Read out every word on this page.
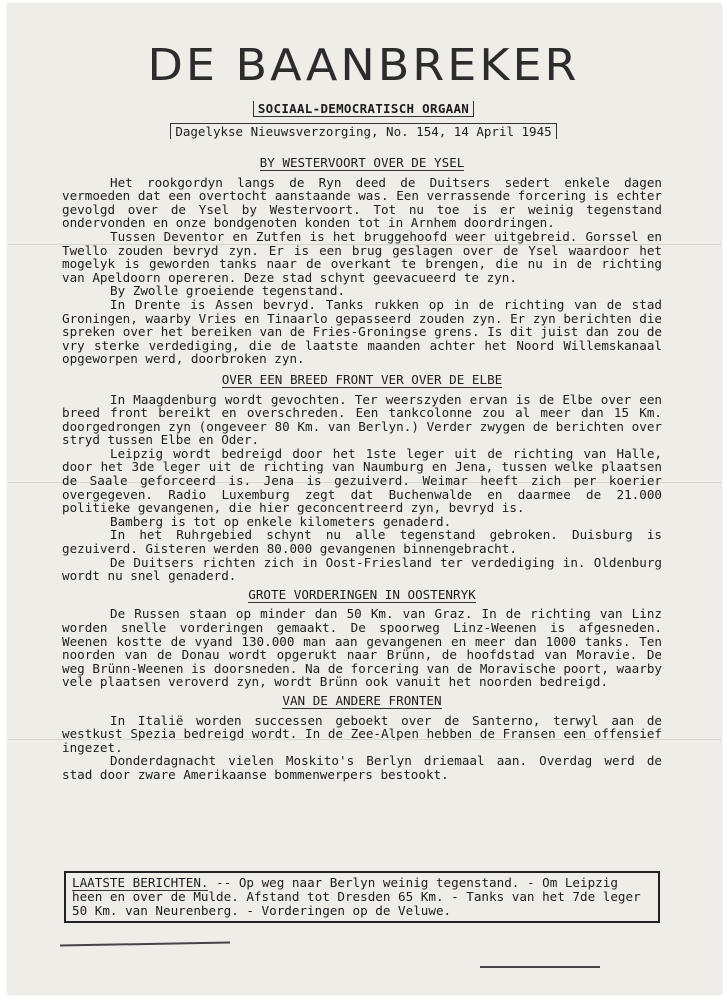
DE BAANBREKER
SOCIAAL-DEMOCRATISCH ORGAAN
Dagelykse Nieuwsverzorging, No. 154, 14 April 1945
BY WESTERVOORT OVER DE YSEL

Het rookgordyn langs de Ryn deed de Duitsers sedert enkele dagen vermoeden dat een overtocht aanstaande was. Een verrassende forcering is echter gevolgd over de Ysel by Westervoort. Tot nu toe is er weinig tegenstand ondervonden en onze bondgenoten konden tot in Arnhem doordringen.

Tussen Deventor en Zutfen is het bruggehoofd weer uitgebreid. Gorssel en Twello zouden bevryd zyn. Er is een brug geslagen over de Ysel waardoor het mogelyk is geworden tanks naar de overkant te brengen, die nu in de richting van Apeldoorn opereren. Deze stad schynt geevacueerd te zyn.

By Zwolle groeiende tegenstand.

In Drente is Assen bevryd. Tanks rukken op in de richting van de stad Groningen, waarby Vries en Tinaarlo gepasseerd zouden zyn. Er zyn berichten die spreken over het bereiken van de Fries-Groningse grens. Is dit juist dan zou de vry sterke verdediging, die de laatste maanden achter het Noord Willemskanaal opgeworpen werd, doorbroken zyn.

OVER EEN BREED FRONT VER OVER DE ELBE

In Maagdenburg wordt gevochten. Ter weerszyden ervan is de Elbe over een breed front bereikt en overschreden. Een tankcolonne zou al meer dan 15 Km. doorgedrongen zyn (ongeveer 80 Km. van Berlyn.) Verder zwygen de berichten over stryd tussen Elbe en Oder.

Leipzig wordt bedreigd door het 1ste leger uit de richting van Halle, door het 3de leger uit de richting van Naumburg en Jena, tussen welke plaatsen de Saale geforceerd is. Jena is gezuiverd. Weimar heeft zich per koerier overgegeven. Radio Luxemburg zegt dat Buchenwalde en daarmee de 21.000 politieke gevangenen, die hier geconcentreerd zyn, bevryd is.

Bamberg is tot op enkele kilometers genaderd.

In het Ruhrgebied schynt nu alle tegenstand gebroken. Duisburg is gezuiverd. Gisteren werden 80.000 gevangenen binnengebracht.

De Duitsers richten zich in Oost-Friesland ter verdediging in. Oldenburg wordt nu snel genaderd.

GROTE VORDERINGEN IN OOSTENRYK

De Russen staan op minder dan 50 Km. van Graz. In de richting van Linz worden snelle vorderingen gemaakt. De spoorweg Linz-Weenen is afgesneden. Weenen kostte de vyand 130.000 man aan gevangenen en meer dan 1000 tanks. Ten noorden van de Donau wordt opgerukt naar Brünn, de hoofdstad van Moravie. De weg Brünn-Weenen is doorsneden. Na de forcering van de Moravische poort, waarby vele plaatsen veroverd zyn, wordt Brünn ook vanuit het noorden bedreigd.

VAN DE ANDERE FRONTEN

In Italië worden successen geboekt over de Santerno, terwyl aan de westkust Spezia bedreigd wordt. In de Zee-Alpen hebben de Fransen een offensief ingezet.

Donderdagnacht vielen Moskito's Berlyn driemaal aan. Overdag werd de stad door zware Amerikaanse bommenwerpers bestookt.

LAATSTE BERICHTEN. -- Op weg naar Berlyn weinig tegenstand. - Om Leipzig heen en over de Mulde. Afstand tot Dresden 65 Km. - Tanks van het 7de leger 50 Km. van Neurenberg. - Vorderingen op de Veluwe.
